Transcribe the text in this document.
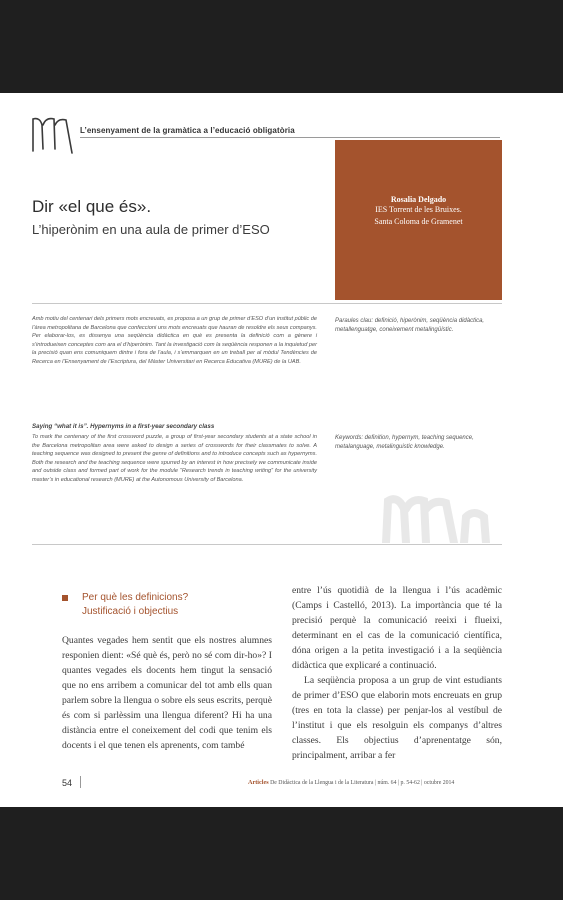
L’ensenyament de la gramàtica a l’educació obligatòria
Dir «el que és».
L’hiperònim en una aula de primer d’ESO
Rosalia Delgado
IES Torrent de les Bruixes.
Santa Coloma de Gramenet
Amb motiu del centenari dels primers mots encreuats, es proposa a un grup de primer d’ESO d’un institut públic de l’àrea metropolitana de Barcelona que confeccioni uns mots encreuats que hauran de resoldre els seus companys. Per elaborar-los, es dissenya una seqüència didàctica en què es presenta la definició com a gènere i s’introdueixen conceptes com ara el d’hiperònim. Tant la investigació com la seqüència responen a la inquietud per la precisió quan ens comuniquem dintre i fora de l’aula, i s’emmarquen en un treball per al mòdul Tendències de Recerca en l’Ensenyament de l’Escriptura, del Màster Universitari en Recerca Educativa (MURE) de la UAB.
Saying “what it is”. Hypernyms in a first-year secondary class
To mark the centenary of the first crossword puzzle, a group of first-year secondary students at a state school in the Barcelona metropolitan area were asked to design a series of crosswords for their classmates to solve. A teaching sequence was designed to present the genre of definitions and to introduce concepts such as hypernyms. Both the research and the teaching sequence were spurred by an interest in how precisely we communicate inside and outside class and formed part of work for the module “Research trends in teaching writing” for the university master’s in educational research (MURE) at the Autonomous University of Barcelona.
Paraules clau: definició, hiperònim, seqüència didàctica, metallenguatge, coneixement metalingüístic.
Keywords: definition, hypernym, teaching sequence, metalanguage, metalinguistic knowledge.
Per què les definicions?
Justificació i objectius

Quantes vegades hem sentit que els nostres alumnes responien dient: «Sé què és, però no sé com dir-ho»? I quantes vegades els docents hem tingut la sensació que no ens arribem a comunicar del tot amb ells quan parlem sobre la llengua o sobre els seus escrits, perquè és com si parlèssim una llengua diferent? Hi ha una distància entre el coneixement del codi que tenim els docents i el que tenen els aprenents, com també

entre l’ús quotidià de la llengua i l’ús acadèmic (Camps i Castelló, 2013). La importància que té la precisió perquè la comunicació reeixi i flueixi, determinant en el cas de la comunicació científica, dóna origen a la petita investigació i a la seqüència didàctica que explicaré a continuació.

La seqüència proposa a un grup de vint estudiants de primer d’ESO que elaborin mots encreuats en grup (tres en tota la classe) per penjar-los al vestíbul de l’institut i que els resolguin els companys d’altres classes. Els objectius d’aprenentatge són, principalment, arribar a fer

54	Articles De Didàctica de la Llengua i de la Literatura | núm. 64 | p. 54-62 | octubre 2014
